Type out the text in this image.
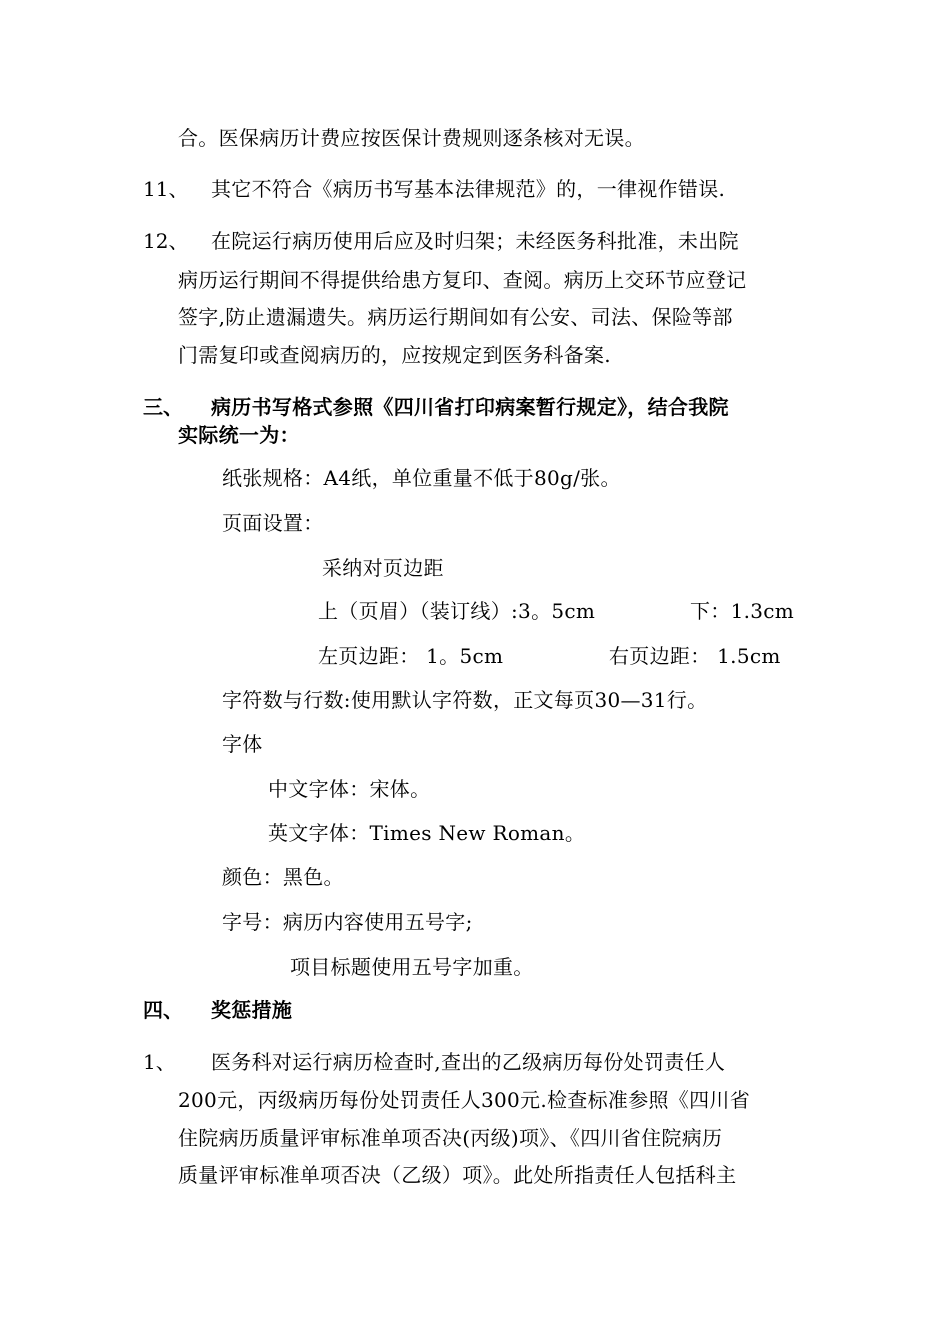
合。医保病历计费应按医保计费规则逐条核对无误。
11、 其它不符合《病历书写基本法律规范》的，一律视作错误.
12、 在院运行病历使用后应及时归架；未经医务科批准，未出院
病历运行期间不得提供给患方复印、查阅。病历上交环节应登记
签字,防止遗漏遗失。病历运行期间如有公安、司法、保险等部
门需复印或查阅病历的，应按规定到医务科备案.
三、 病历书写格式参照《四川省打印病案暂行规定》，结合我院
实际统一为：
纸张规格：A4纸，单位重量不低于80g/张。
页面设置：
采纳对页边距
上（页眉）（装订线）:3。5cm	下：1.3cm
左页边距： 1。5cm	右页边距： 1.5cm
字符数与行数:使用默认字符数，正文每页30—31行。
字体
中文字体：宋体。
英文字体：Times New Roman。
颜色：黑色。
字号：病历内容使用五号字;
项目标题使用五号字加重。
四、 奖惩措施
1、 医务科对运行病历检查时,查出的乙级病历每份处罚责任人
200元，丙级病历每份处罚责任人300元.检查标准参照《四川省
住院病历质量评审标准单项否决(丙级)项》、《四川省住院病历
质量评审标准单项否决（乙级）项》。此处所指责任人包括科主
